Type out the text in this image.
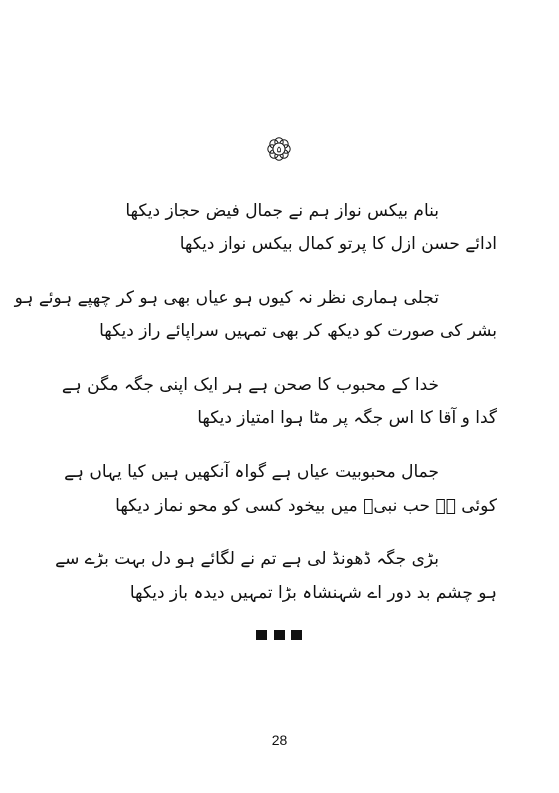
۵
بنام بیکس نواز ہم نے جمال فیض حجاز دیکھا
ادائے حسن ازل کا پرتو کمال بیکس نواز دیکھا
تجلی ہماری نظر نہ کیوں ہو عیاں بھی ہو کر چھپے ہوئے ہو
بشر کی صورت کو دیکھ کر بھی تمہیں سراپائے راز دیکھا
خدا کے محبوب کا صحن ہے ہر ایک اپنی جگہ مگن ہے
گدا و آقا کا اس جگہ پر مٹا ہوا امتیاز دیکھا
جمال محبوبیت عیاں ہے گواہ آنکھیں ہیں کیا یہاں ہے
کوئی ہے حب نبیؐ میں بیخود کسی کو محو نماز دیکھا
بڑی جگہ ڈھونڈ لی ہے تم نے لگائے ہو دل بہت بڑے سے
ہو چشم بد دور اے شہنشاہ بڑا تمہیں دیدہ باز دیکھا
28
